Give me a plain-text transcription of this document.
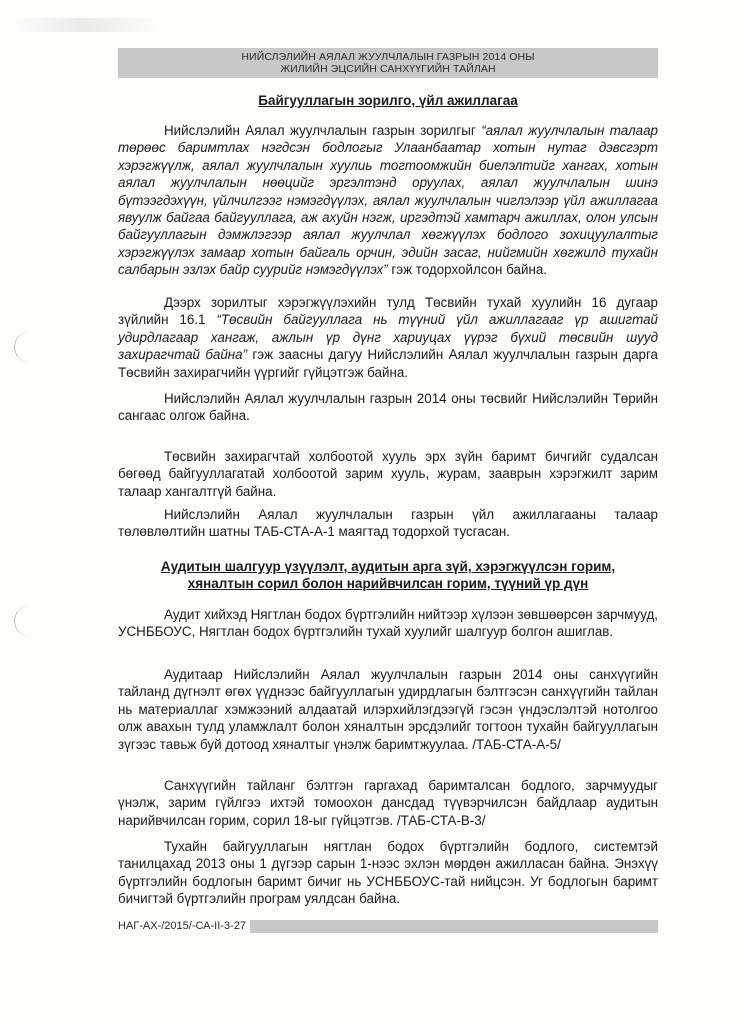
НИЙСЛЭЛИЙН АЯЛАЛ ЖУУЛЧЛАЛЫН ГАЗРЫН 2014 ОНЫ
ЖИЛИЙН ЭЦСИЙН САНХҮҮГИЙН ТАЙЛАН
Байгууллагын зорилго, үйл ажиллагаа

Нийслэлийн Аялал жуулчлалын газрын зорилгыг “аялал жуулчлалын талаар төрөөс баримтлах нэгдсэн бодлогыг Улаанбаатар хотын нутаг дэвсгэрт хэрэгжүүлж, аялал жуулчлалын хуулиь тогтоомжийн биелэлтийг хангах, хотын аялал жуулчлалын нөөцийг эргэлтэнд оруулах, аялал жуулчлалын шинэ бүтээгдэхүүн, үйлчилгээг нэмэгдүүлэх, аялал жуулчлалын чиглэлээр үйл ажиллагаа явуулж байгаа байгууллага, аж ахуйн нэгж, иргэдтэй хамтарч ажиллах, олон улсын байгууллагын дэмжлэгээр аялал жуулчлал хөгжүүлэх бодлого зохицуулалтыг хэрэгжүүлэх замаар хотын байгаль орчин, эдийн засаг, нийгмийн хөгжилд тухайн салбарын эзлэх байр суурийг нэмэгдүүлэх” гэж тодорхойлсон байна.

Дээрх зорилтыг хэрэгжүүлэхийн тулд Төсвийн тухай хуулийн 16 дугаар зүйлийн 16.1 “Төсвийн байгууллага нь түүний үйл ажиллагааг үр ашигтай удирдлагаар хангаж, ажлын үр дүнг хариуцах үүрэг бүхий төсвийн шууд захирагчтай байна” гэж заасны дагуу Нийслэлийн Аялал жуулчлалын газрын дарга Төсвийн захирагчийн үүргийг гүйцэтгэж байна.

Нийслэлийн Аялал жуулчлалын газрын 2014 оны төсвийг Нийслэлийн Төрийн сангаас олгож байна.

Төсвийн захирагчтай холбоотой хууль эрх зүйн баримт бичгийг судалсан бөгөөд байгууллагатай холбоотой зарим хууль, журам, зааврын хэрэгжилт зарим талаар хангалтгүй байна.

Нийслэлийн Аялал жуулчлалын газрын үйл ажиллагааны талаар төлөвлөлтийн шатны ТАБ-СТА-А-1 маягтад тодорхой тусгасан.

Аудитын шалгуур үзүүлэлт, аудитын арга зүй, хэрэгжүүлсэн горим,
хяналтын сорил болон нарийвчилсан горим, түүний үр дүн

Аудит хийхэд Нягтлан бодох бүртгэлийн нийтээр хүлээн зөвшөөрсөн зарчмууд, УСНББОУС, Нягтлан бодох бүртгэлийн тухай хуулийг шалгуур болгон ашиглав.

Аудитаар Нийслэлийн Аялал жуулчлалын газрын 2014 оны санхүүгийн тайланд дүгнэлт өгөх үүднээс байгууллагын удирдлагын бэлтгэсэн санхүүгийн тайлан нь материаллаг хэмжээний алдаатай илэрхийлэгдээгүй гэсэн үндэслэлтэй нотолгоо олж авахын тулд уламжлалт болон хяналтын эрсдэлийг тогтоон тухайн байгууллагын зүгээс тавьж буй дотоод хяналтыг үнэлж баримтжуулаа. /ТАБ-СТА-А-5/

Санхүүгийн тайланг бэлтгэн гаргахад баримталсан бодлого, зарчмуудыг үнэлж, зарим гүйлгээ ихтэй томоохон дансдад түүвэрчилсэн байдлаар аудитын нарийвчилсан горим, сорил 18-ыг гүйцэтгэв. /ТАБ-СТА-В-3/

Тухайн байгууллагын нягтлан бодох бүртгэлийн бодлого, системтэй танилцахад 2013 оны 1 дүгээр сарын 1-нээс эхлэн мөрдөн ажилласан байна. Энэхүү бүртгэлийн бодлогын баримт бичиг нь УСНББОУС-тай нийцсэн. Уг бодлогын баримт бичигтэй бүртгэлийн програм уялдсан байна.

НАГ-АХ-/2015/-СА-II-3-27
